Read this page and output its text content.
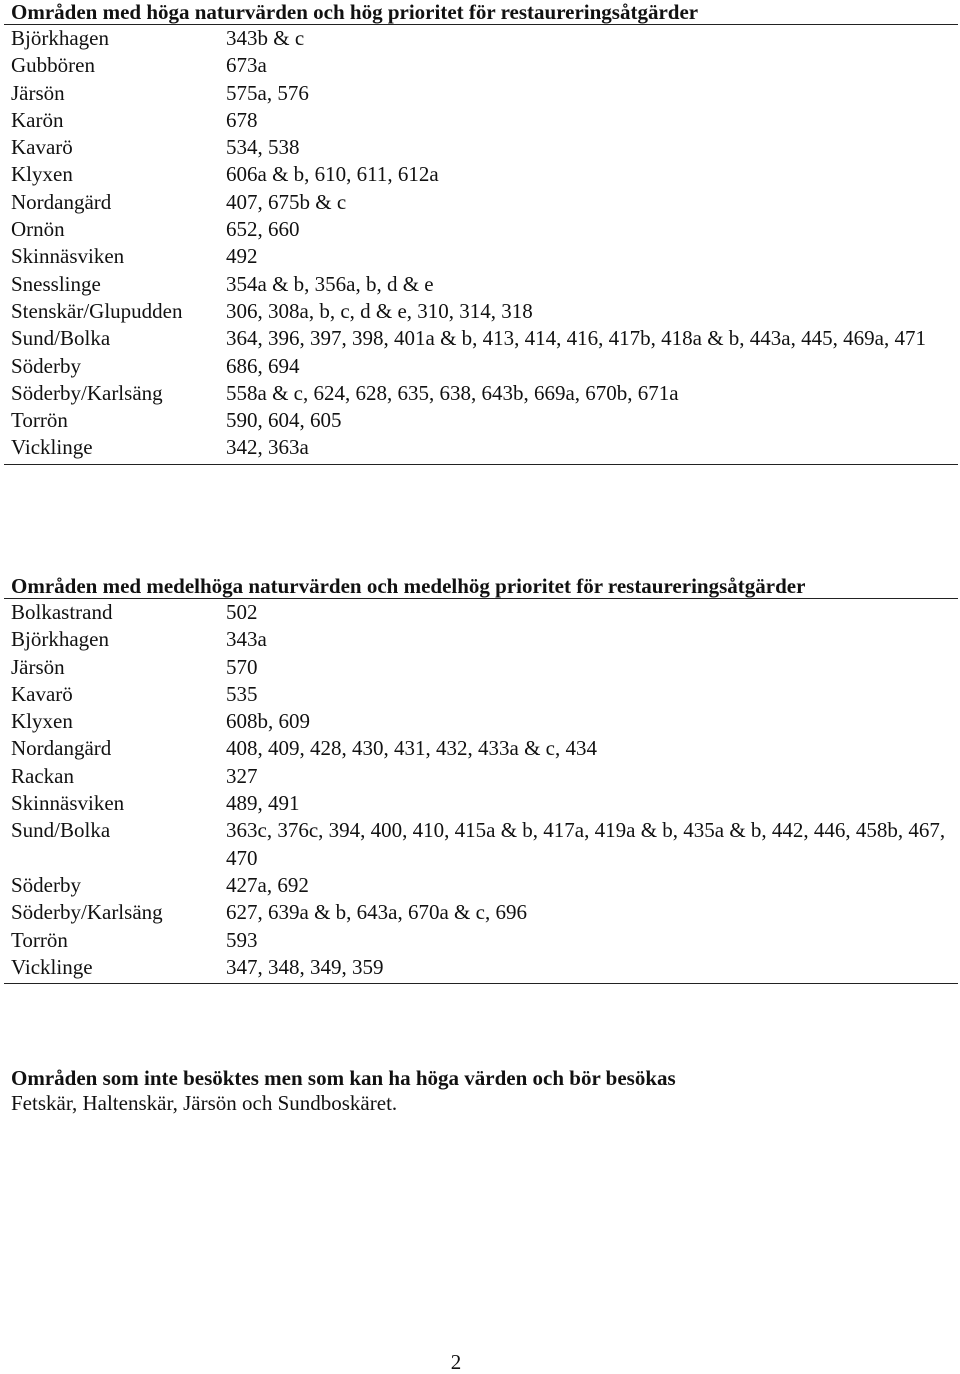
Områden med höga naturvärden och hög prioritet för restaureringsåtgärder
Björkhagen	343b & c
Gubbören	673a
Järsön	575a, 576
Karön	678
Kavarö	534, 538
Klyxen	606a & b, 610, 611, 612a
Nordangärd	407, 675b & c
Ornön	652, 660
Skinnäsviken	492
Snesslinge	354a & b, 356a, b, d & e
Stenskär/Glupudden	306, 308a, b, c, d & e, 310, 314, 318
Sund/Bolka	364, 396, 397, 398, 401a & b, 413, 414, 416, 417b, 418a & b, 443a, 445, 469a, 471
Söderby	686, 694
Söderby/Karlsäng	558a & c, 624, 628, 635, 638, 643b, 669a, 670b, 671a
Torrön	590, 604, 605
Vicklinge	342, 363a
Områden med medelhöga naturvärden och medelhög prioritet för restaureringsåtgärder
Bolkastrand	502
Björkhagen	343a
Järsön	570
Kavarö	535
Klyxen	608b, 609
Nordangärd	408, 409, 428, 430, 431, 432, 433a & c, 434
Rackan	327
Skinnäsviken	489, 491
Sund/Bolka	363c, 376c, 394, 400, 410, 415a & b, 417a, 419a & b, 435a & b, 442, 446, 458b, 467, 470
Söderby	427a, 692
Söderby/Karlsäng	627, 639a & b, 643a, 670a & c, 696
Torrön	593
Vicklinge	347, 348, 349, 359
Områden som inte besöktes men som kan ha höga värden och bör besökas
Fetskär, Haltenskär, Järsön och Sundboskäret.
2
